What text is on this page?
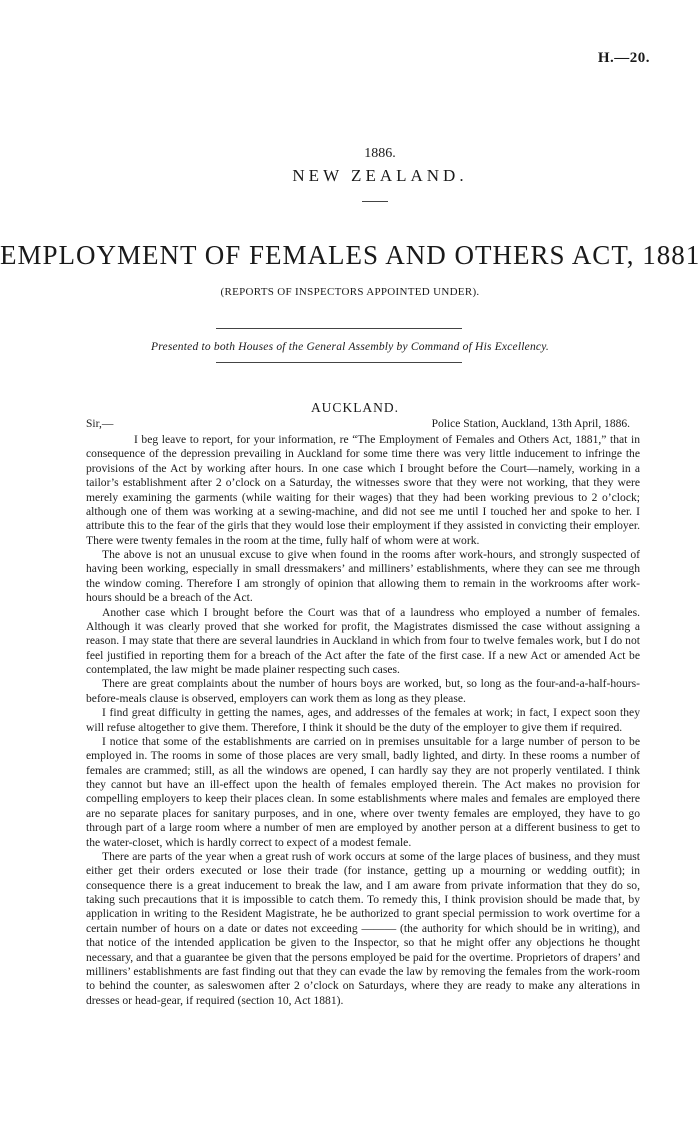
H.—20.
1886.
NEW ZEALAND.
EMPLOYMENT OF FEMALES AND OTHERS ACT, 1881
(REPORTS OF INSPECTORS APPOINTED UNDER).
Presented to both Houses of the General Assembly by Command of His Excellency.
AUCKLAND.
Sir,—	Police Station, Auckland, 13th April, 1886.

I beg leave to report, for your information, re “The Employment of Females and Others Act, 1881,” that in consequence of the depression prevailing in Auckland for some time there was very little inducement to infringe the provisions of the Act by working after hours. In one case which I brought before the Court—namely, working in a tailor’s establishment after 2 o’clock on a Saturday, the witnesses swore that they were not working, that they were merely examining the garments (while waiting for their wages) that they had been working previous to 2 o’clock; although one of them was working at a sewing-machine, and did not see me until I touched her and spoke to her. I attribute this to the fear of the girls that they would lose their employment if they assisted in convicting their employer. There were twenty females in the room at the time, fully half of whom were at work.

The above is not an unusual excuse to give when found in the rooms after work-hours, and strongly suspected of having been working, especially in small dressmakers’ and milliners’ establishments, where they can see me through the window coming. Therefore I am strongly of opinion that allowing them to remain in the workrooms after work-hours should be a breach of the Act.

Another case which I brought before the Court was that of a laundress who employed a number of females. Although it was clearly proved that she worked for profit, the Magistrates dismissed the case without assigning a reason. I may state that there are several laundries in Auckland in which from four to twelve females work, but I do not feel justified in reporting them for a breach of the Act after the fate of the first case. If a new Act or amended Act be contemplated, the law might be made plainer respecting such cases.

There are great complaints about the number of hours boys are worked, but, so long as the four-and-a-half-hours-before-meals clause is observed, employers can work them as long as they please.

I find great difficulty in getting the names, ages, and addresses of the females at work; in fact, I expect soon they will refuse altogether to give them. Therefore, I think it should be the duty of the employer to give them if required.

I notice that some of the establishments are carried on in premises unsuitable for a large number of person to be employed in. The rooms in some of those places are very small, badly lighted, and dirty. In these rooms a number of females are crammed; still, as all the windows are opened, I can hardly say they are not properly ventilated. I think they cannot but have an ill-effect upon the health of females employed therein. The Act makes no provision for compelling employers to keep their places clean. In some establishments where males and females are employed there are no separate places for sanitary purposes, and in one, where over twenty females are employed, they have to go through part of a large room where a number of men are employed by another person at a different business to get to the water-closet, which is hardly correct to expect of a modest female.

There are parts of the year when a great rush of work occurs at some of the large places of business, and they must either get their orders executed or lose their trade (for instance, getting up a mourning or wedding outfit); in consequence there is a great inducement to break the law, and I am aware from private information that they do so, taking such precautions that it is impossible to catch them. To remedy this, I think provision should be made that, by application in writing to the Resident Magistrate, he be authorized to grant special permission to work overtime for a certain number of hours on a date or dates not exceeding ——— (the authority for which should be in writing), and that notice of the intended application be given to the Inspector, so that he might offer any objections he thought necessary, and that a guarantee be given that the persons employed be paid for the overtime. Proprietors of drapers’ and milliners’ establishments are fast finding out that they can evade the law by removing the females from the work-room to behind the counter, as saleswomen after 2 o’clock on Saturdays, where they are ready to make any alterations in dresses or head-gear, if required (section 10, Act 1881).
